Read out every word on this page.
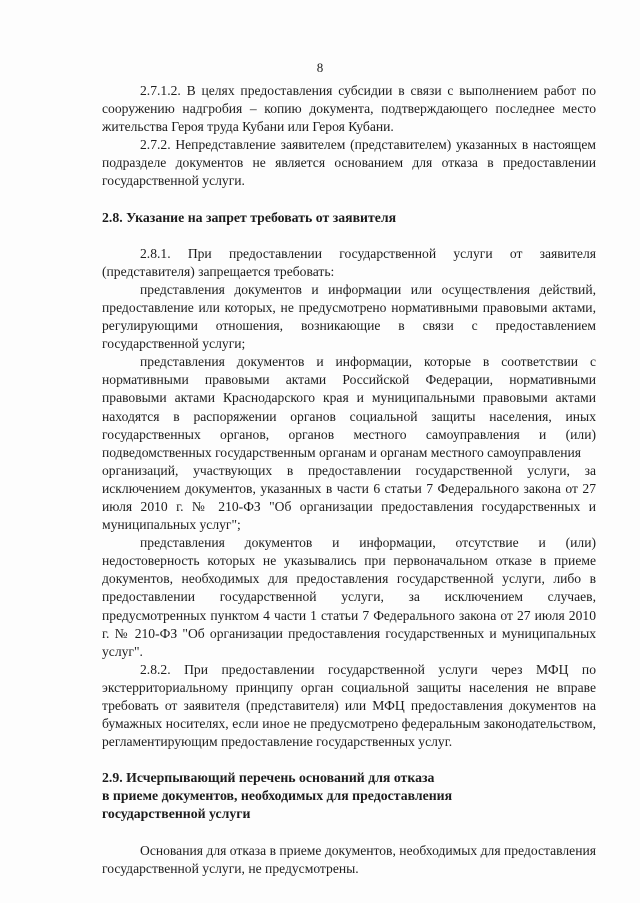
8

2.7.1.2. В целях предоставления субсидии в связи с выполнением работ по сооружению надгробия – копию документа, подтверждающего последнее место жительства Героя труда Кубани или Героя Кубани.

2.7.2. Непредставление заявителем (представителем) указанных в настоящем подразделе документов не является основанием для отказа в предоставлении государственной услуги.

2.8. Указание на запрет требовать от заявителя

2.8.1. При предоставлении государственной услуги от заявителя (представителя) запрещается требовать:

представления документов и информации или осуществления действий, предоставление или которых, не предусмотрено нормативными правовыми актами, регулирующими отношения, возникающие в связи с предоставлением государственной услуги;

представления документов и информации, которые в соответствии с нормативными правовыми актами Российской Федерации, нормативными правовыми актами Краснодарского края и муниципальными правовыми актами находятся в распоряжении органов социальной защиты населения, иных государственных органов, органов местного самоуправления и (или) подведомственных государственным органам и органам местного самоуправления

организаций, участвующих в предоставлении государственной услуги, за исключением документов, указанных в части 6 статьи 7 Федерального закона от 27 июля 2010 г. № 210-ФЗ "Об организации предоставления государственных и муниципальных услуг";

представления документов и информации, отсутствие и (или) недостоверность которых не указывались при первоначальном отказе в приеме документов, необходимых для предоставления государственной услуги, либо в предоставлении государственной услуги, за исключением случаев, предусмотренных пунктом 4 части 1 статьи 7 Федерального закона от 27 июля 2010 г. № 210-ФЗ "Об организации предоставления государственных и муниципальных услуг".

2.8.2. При предоставлении государственной услуги через МФЦ по экстерриториальному принципу орган социальной защиты населения не вправе требовать от заявителя (представителя) или МФЦ предоставления документов на бумажных носителях, если иное не предусмотрено федеральным законодательством, регламентирующим предоставление государственных услуг.

2.9. Исчерпывающий перечень оснований для отказа

в приеме документов, необходимых для предоставления

государственной услуги

Основания для отказа в приеме документов, необходимых для предоставления государственной услуги, не предусмотрены.
